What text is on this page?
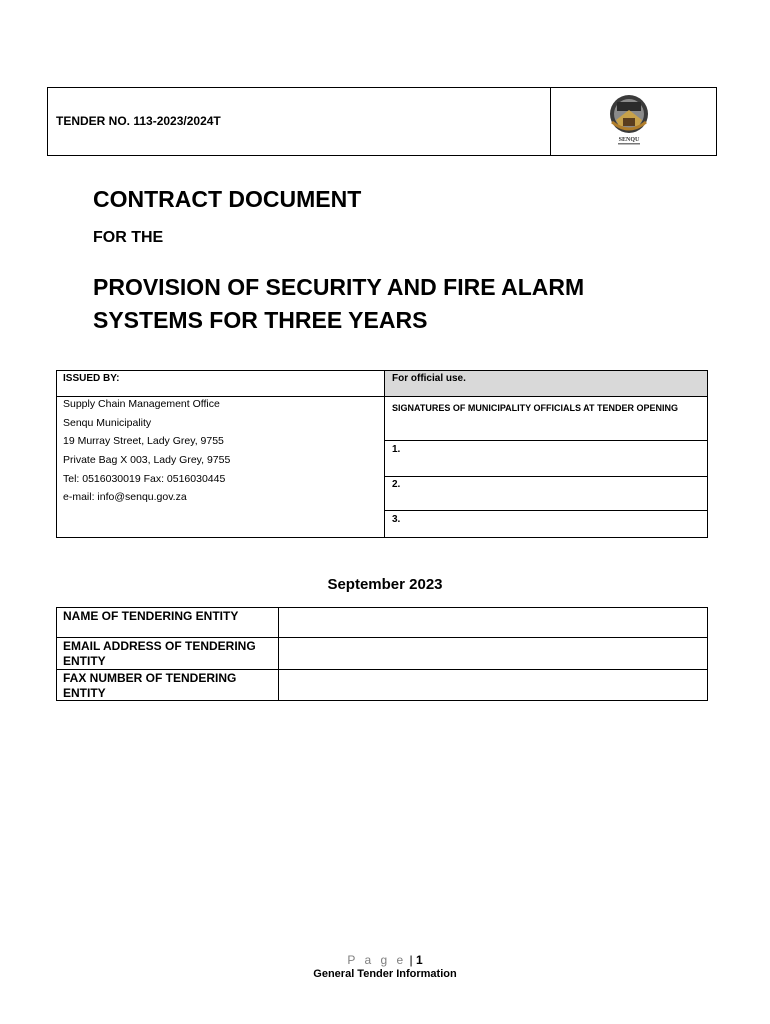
TENDER NO. 113-2023/2024T
SENQU
CONTRACT DOCUMENT
FOR THE
PROVISION OF SECURITY AND FIRE ALARM SYSTEMS FOR THREE YEARS
ISSUED BY:	For official use.
Supply Chain Management Office
Senqu Municipality
19 Murray Street, Lady Grey, 9755
Private Bag X 003, Lady Grey, 9755
Tel: 0516030019 Fax: 0516030445
e-mail: info@senqu.gov.za
SIGNATURES OF MUNICIPALITY OFFICIALS AT TENDER OPENING
1.
2.
3.
September 2023
NAME OF TENDERING ENTITY
EMAIL ADDRESS OF TENDERING ENTITY
FAX NUMBER OF TENDERING ENTITY
P a g e | 1
General Tender Information
